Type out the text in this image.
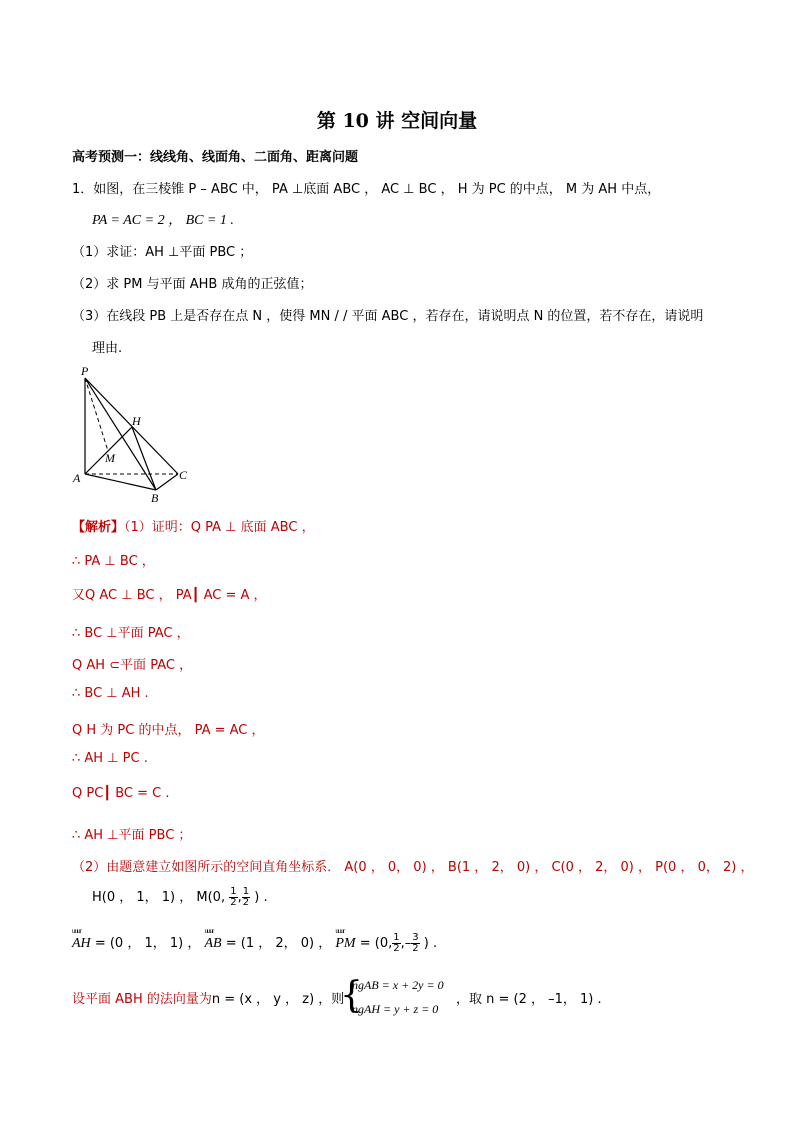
第 10 讲 空间向量
高考预测一：线线角、线面角、二面角、距离问题
1．如图，在三棱锥 P – ABC 中， PA ⊥底面 ABC ， AC ⊥ BC ， H 为 PC 的中点， M 为 AH 中点，
PA = AC = 2 ， BC = 1 .
（1）求证：AH ⊥平面 PBC ；
（2）求 PM 与平面 AHB 成角的正弦值；
（3）在线段 PB 上是否存在点 N ，使得 MN / / 平面 ABC ，若存在，请说明点 N 的位置，若不存在，请说明
理由.
P
H
M
A	C
B
【解析】（1）证明：Q PA ⊥ 底面 ABC ，
∴ PA ⊥ BC ，
又Q AC ⊥ BC ， PA┃ AC = A ，
∴ BC ⊥平面 PAC ，
Q AH ⊂平面 PAC ，
∴ BC ⊥ AH .
Q H 为 PC 的中点， PA = AC ，
∴ AH ⊥ PC .
Q PC┃ BC = C .
∴ AH ⊥平面 PBC ；
（2）由题意建立如图所示的空间直角坐标系． A(0 ， 0， 0) ， B(1 ， 2， 0) ， C(0 ， 2， 0) ， P(0 ， 0， 2) ，
H(0 ， 1， 1) ， M(0, $\frac{1}{2}$ , $\frac{1}{2}$ ) .
uuur AH = (0 ， 1， 1) ， uuur AB = (1 ， 2， 0) ， uuur PM = (0, $\frac{1}{2}$ ,– $\frac{3}{2}$ ) .
设平面 ABH 的法向量为n = (x ， y ， z) ，则
{
ngAB = x + 2y = 0
ngAH = y + z = 0
，取 n = (2 ， –1， 1) .
